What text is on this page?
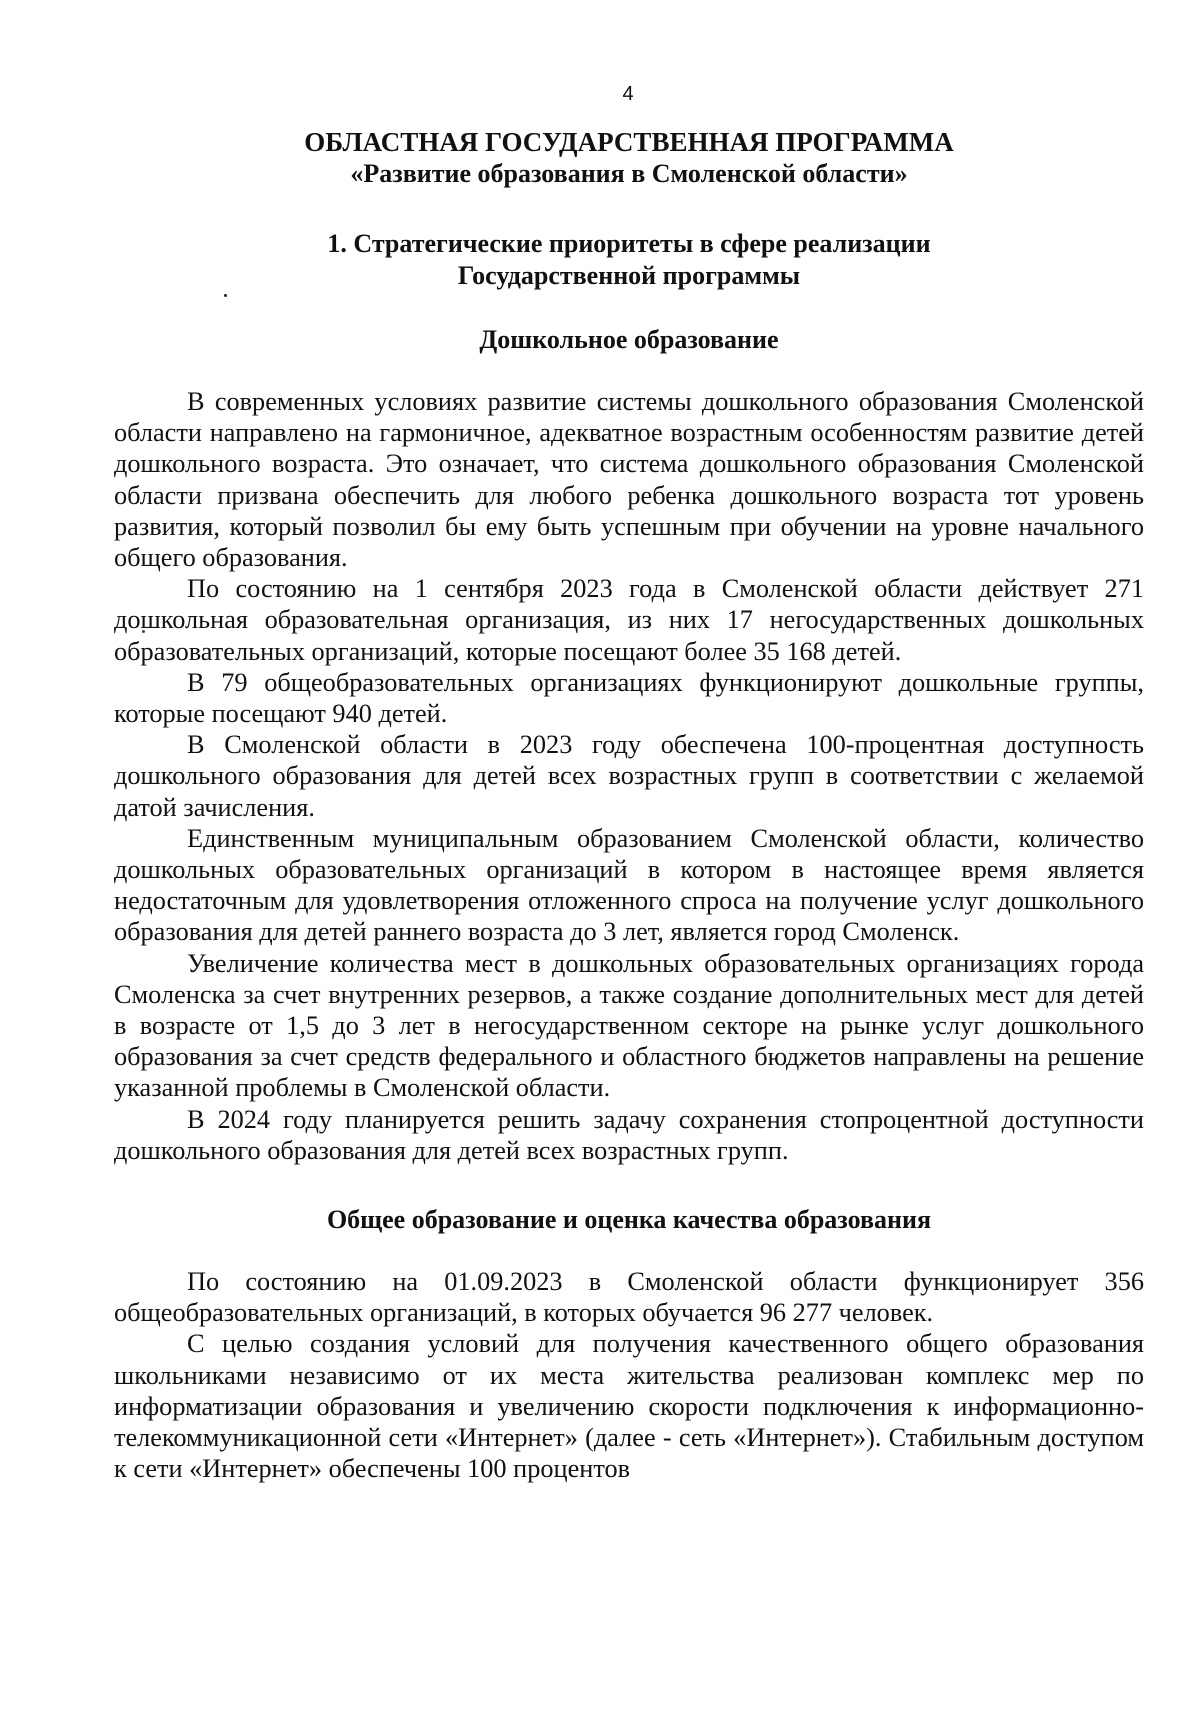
4

ОБЛАСТНАЯ ГОСУДАРСТВЕННАЯ ПРОГРАММА

«Развитие образования в Смоленской области»

1. Стратегические приоритеты в сфере реализации

Государственной программы

Дошкольное образование

В современных условиях развитие системы дошкольного образования Смоленской области направлено на гармоничное, адекватное возрастным особенностям развитие детей дошкольного возраста. Это означает, что система дошкольного образования Смоленской области призвана обеспечить для любого ребенка дошкольного возраста тот уровень развития, который позволил бы ему быть успешным при обучении на уровне начального общего образования.

По состоянию на 1 сентября 2023 года в Смоленской области действует 271 дошкольная образовательная организация, из них 17 негосударственных дошкольных образовательных организаций, которые посещают более 35 168 детей.

В 79 общеобразовательных организациях функционируют дошкольные группы, которые посещают 940 детей.

В Смоленской области в 2023 году обеспечена 100-процентная доступность дошкольного образования для детей всех возрастных групп в соответствии с желаемой датой зачисления.

Единственным муниципальным образованием Смоленской области, количество дошкольных образовательных организаций в котором в настоящее время является недостаточным для удовлетворения отложенного спроса на получение услуг дошкольного образования для детей раннего возраста до 3 лет, является город Смоленск.

Увеличение количества мест в дошкольных образовательных организациях города Смоленска за счет внутренних резервов, а также создание дополнительных мест для детей в возрасте от 1,5 до 3 лет в негосударственном секторе на рынке услуг дошкольного образования за счет средств федерального и областного бюджетов направлены на решение указанной проблемы в Смоленской области.

В 2024 году планируется решить задачу сохранения стопроцентной доступности дошкольного образования для детей всех возрастных групп.

Общее образование и оценка качества образования

По состоянию на 01.09.2023 в Смоленской области функционирует 356 общеобразовательных организаций, в которых обучается 96 277 человек.

С целью создания условий для получения качественного общего образования школьниками независимо от их места жительства реализован комплекс мер по информатизации образования и увеличению скорости подключения к информационно-телекоммуникационной сети «Интернет» (далее - сеть «Интернет»). Стабильным доступом к сети «Интернет» обеспечены 100 процентов
